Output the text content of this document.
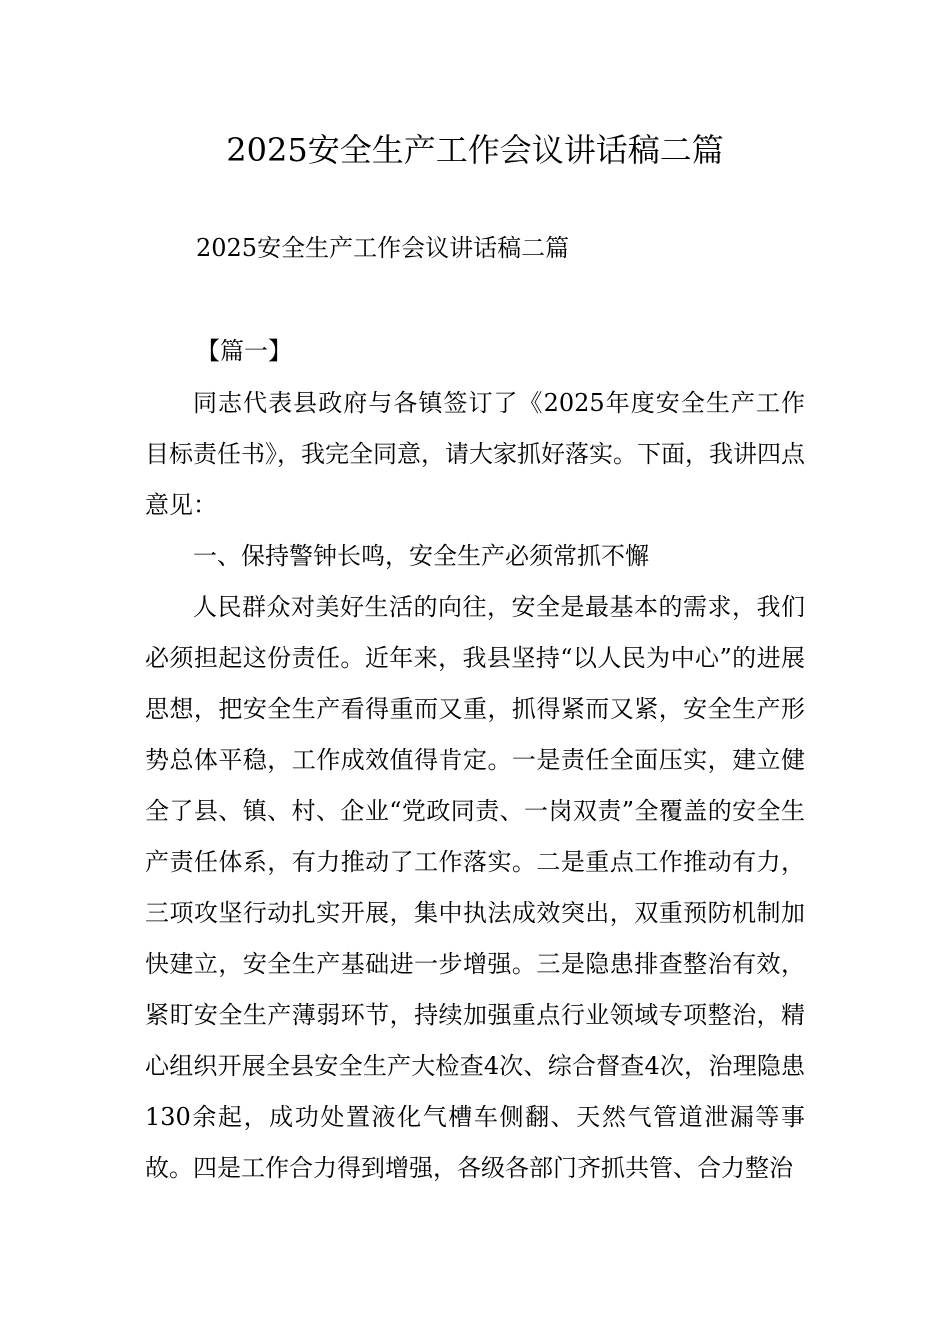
2025安全生产工作会议讲话稿二篇
2025安全生产工作会议讲话稿二篇
【篇一】

同志代表县政府与各镇签订了《2025年度安全生产工作目标责任书》，我完全同意，请大家抓好落实。下面，我讲四点意见：

一、保持警钟长鸣，安全生产必须常抓不懈

人民群众对美好生活的向往，安全是最基本的需求，我们必须担起这份责任。近年来，我县坚持“以人民为中心”的进展思想，把安全生产看得重而又重，抓得紧而又紧，安全生产形势总体平稳，工作成效值得肯定。一是责任全面压实，建立健全了县、镇、村、企业“党政同责、一岗双责”全覆盖的安全生产责任体系，有力推动了工作落实。二是重点工作推动有力，三项攻坚行动扎实开展，集中执法成效突出，双重预防机制加快建立，安全生产基础进一步增强。三是隐患排查整治有效，紧盯安全生产薄弱环节，持续加强重点行业领域专项整治，精心组织开展全县安全生产大检查4次、综合督查4次，治理隐患130余起，成功处置液化气槽车侧翻、天然气管道泄漏等事故。四是工作合力得到增强，各级各部门齐抓共管、合力整治
